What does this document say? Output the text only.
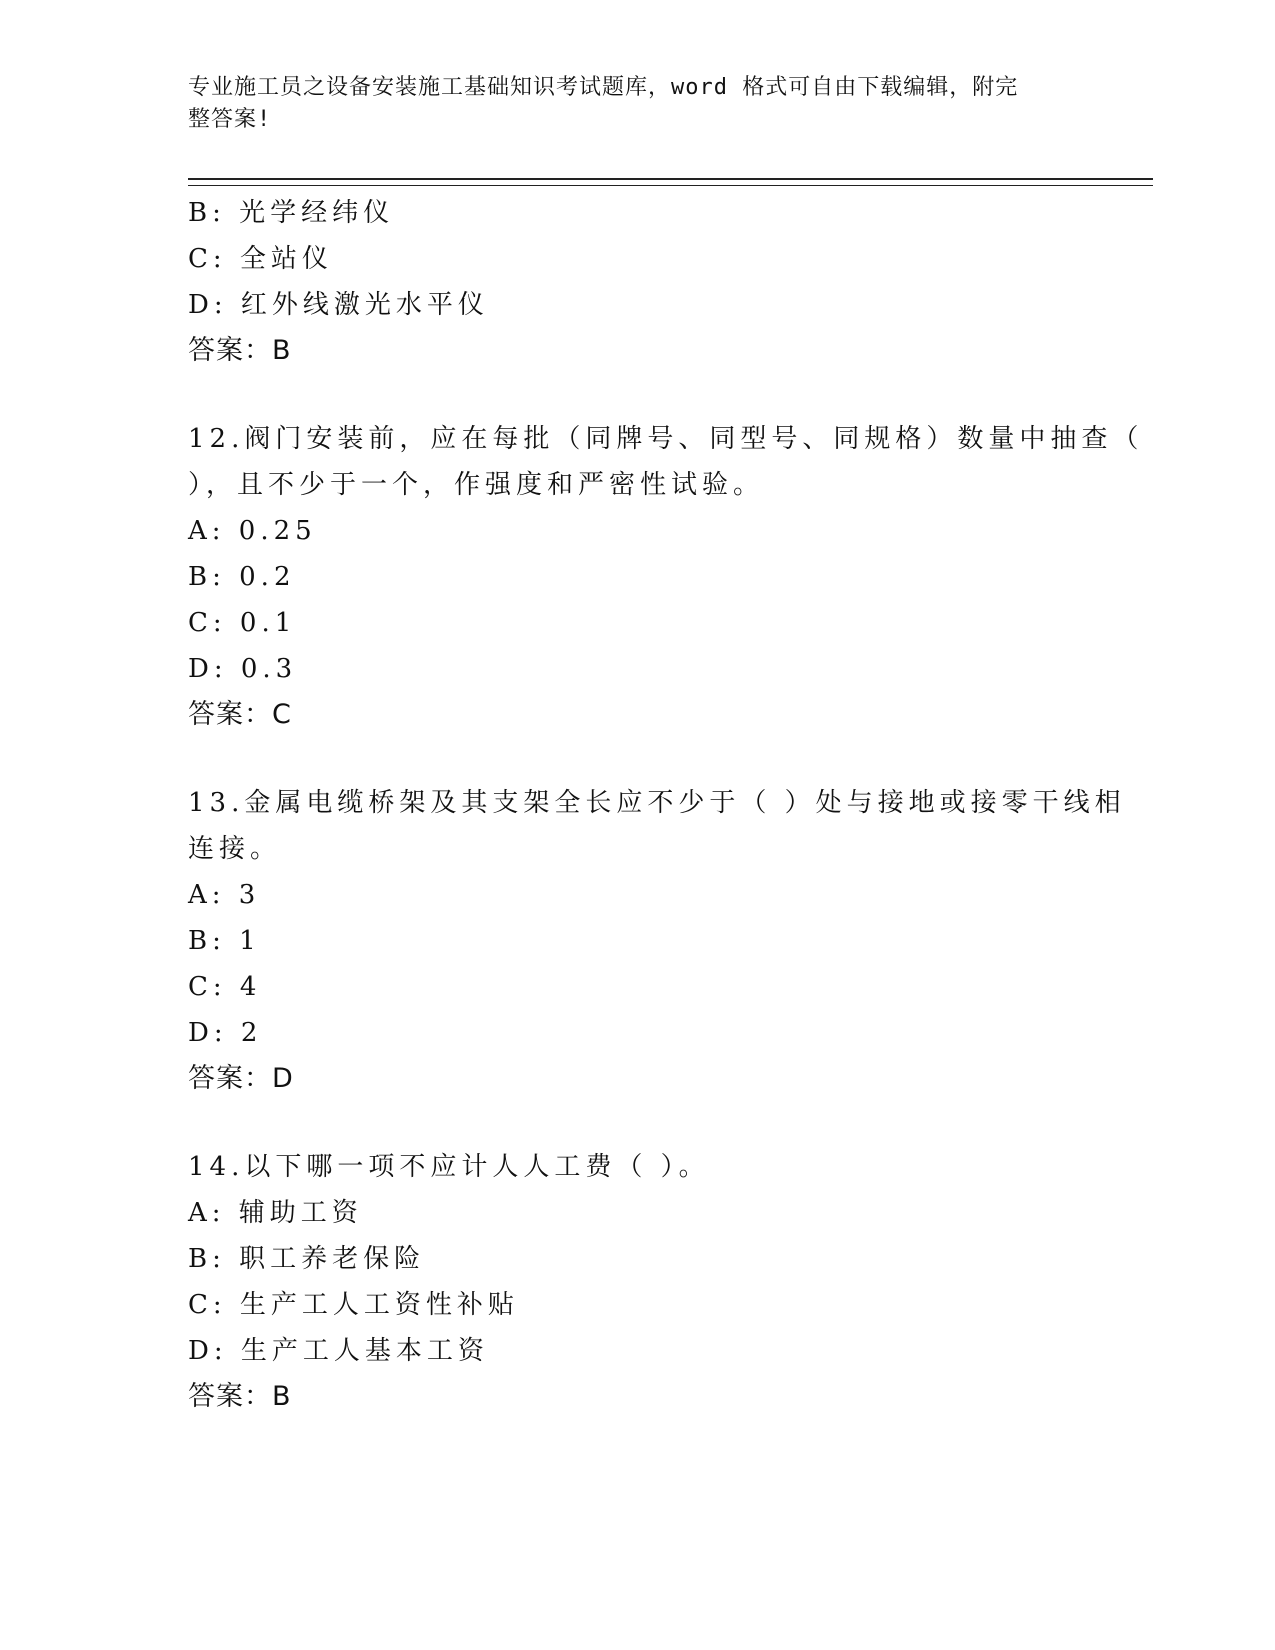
专业施工员之设备安装施工基础知识考试题库，word 格式可自由下载编辑，附完
整答案!
B: 光学经纬仪
C: 全站仪
D: 红外线激光水平仪
答案：B
12.阀门安装前，应在每批（同牌号、同型号、同规格）数量中抽查（
），且不少于一个，作强度和严密性试验。
A: 0.25
B: 0.2
C: 0.1
D: 0.3
答案：C
13.金属电缆桥架及其支架全长应不少于（ ）处与接地或接零干线相
连接。
A: 3
B: 1
C: 4
D: 2
答案：D
14.以下哪一项不应计人人工费（ ）。
A: 辅助工资
B: 职工养老保险
C: 生产工人工资性补贴
D: 生产工人基本工资
答案：B
